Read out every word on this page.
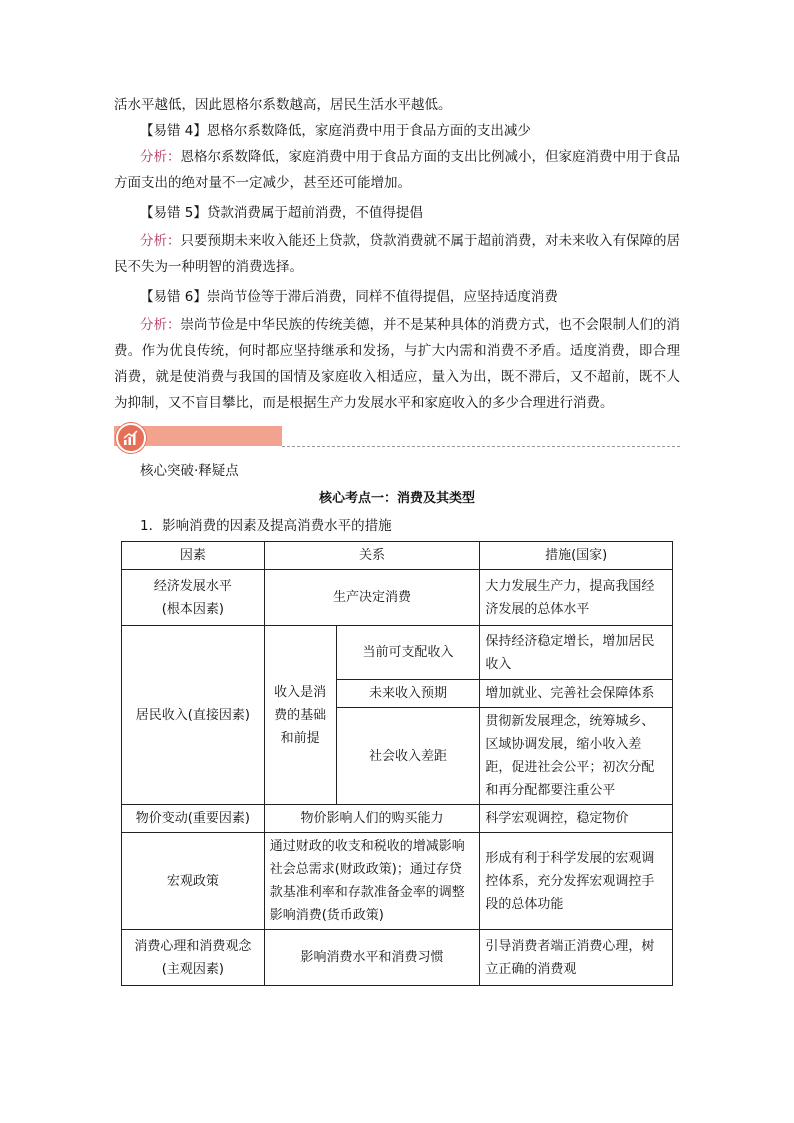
活水平越低，因此恩格尔系数越高，居民生活水平越低。

【易错 4】恩格尔系数降低，家庭消费中用于食品方面的支出减少

分析：恩格尔系数降低，家庭消费中用于食品方面的支出比例减小，但家庭消费中用于食品方面支出的绝对量不一定减少，甚至还可能增加。

【易错 5】贷款消费属于超前消费，不值得提倡

分析：只要预期未来收入能还上贷款，贷款消费就不属于超前消费，对未来收入有保障的居民不失为一种明智的消费选择。

【易错 6】崇尚节俭等于滞后消费，同样不值得提倡，应坚持适度消费

分析：崇尚节俭是中华民族的传统美德，并不是某种具体的消费方式，也不会限制人们的消费。作为优良传统，何时都应坚持继承和发扬，与扩大内需和消费不矛盾。适度消费，即合理消费，就是使消费与我国的国情及家庭收入相适应，量入为出，既不滞后，又不超前，既不人为抑制，又不盲目攀比，而是根据生产力发展水平和家庭收入的多少合理进行消费。

核心突破·释疑点
核心考点一：消费及其类型
1．影响消费的因素及提高消费水平的措施
因素	关系		措施(国家)
经济发展水平
(根本因素)	生产决定消费		大力发展生产力，提高我国经济发展的总体水平
居民收入(直接因素)	收入是消费的基础和前提	当前可支配收入	保持经济稳定增长，增加居民收入
		未来收入预期	增加就业、完善社会保障体系
		社会收入差距	贯彻新发展理念，统筹城乡、区域协调发展，缩小收入差距，促进社会公平；初次分配和再分配都要注重公平
物价变动(重要因素)	物价影响人们的购买能力		科学宏观调控，稳定物价
宏观政策	通过财政的收支和税收的增减影响社会总需求(财政政策)；通过存贷款基准利率和存款准备金率的调整影响消费(货币政策)		形成有利于科学发展的宏观调控体系，充分发挥宏观调控手段的总体功能
消费心理和消费观念(主观因素)	影响消费水平和消费习惯		引导消费者端正消费心理，树立正确的消费观
